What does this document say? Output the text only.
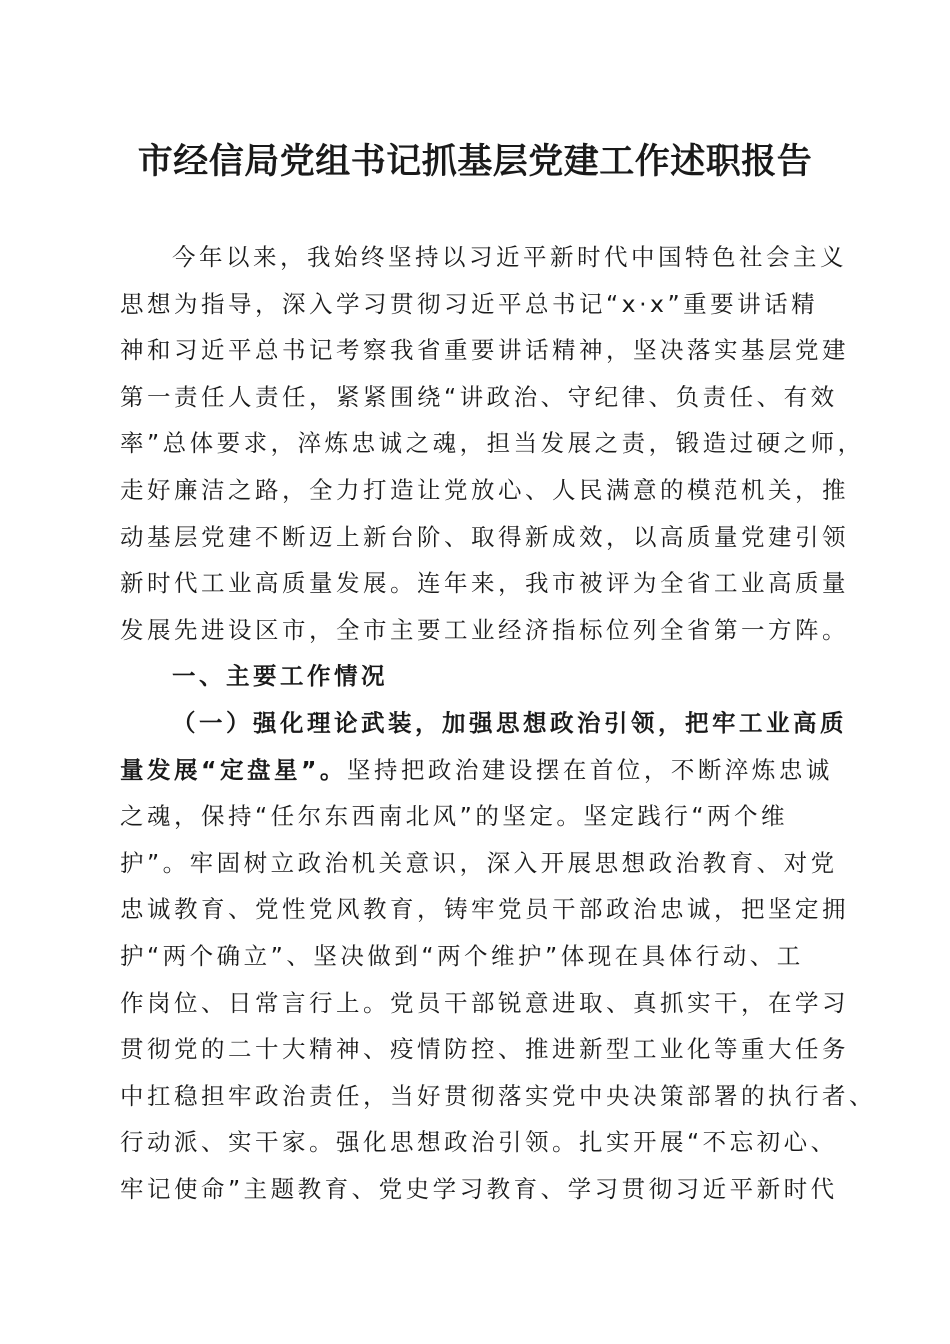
市经信局党组书记抓基层党建工作述职报告
今年以来，我始终坚持以习近平新时代中国特色社会主义
思想为指导，深入学习贯彻习近平总书记“x·x”重要讲话精
神和习近平总书记考察我省重要讲话精神，坚决落实基层党建
第一责任人责任，紧紧围绕“讲政治、守纪律、负责任、有效
率”总体要求，淬炼忠诚之魂，担当发展之责，锻造过硬之师，
走好廉洁之路，全力打造让党放心、人民满意的模范机关，推
动基层党建不断迈上新台阶、取得新成效，以高质量党建引领
新时代工业高质量发展。连年来，我市被评为全省工业高质量
发展先进设区市，全市主要工业经济指标位列全省第一方阵。
一、主要工作情况
（一）强化理论武装，加强思想政治引领，把牢工业高质
量发展“定盘星”。坚持把政治建设摆在首位，不断淬炼忠诚
之魂，保持“任尔东西南北风”的坚定。坚定践行“两个维
护”。牢固树立政治机关意识，深入开展思想政治教育、对党
忠诚教育、党性党风教育，铸牢党员干部政治忠诚，把坚定拥
护“两个确立”、坚决做到“两个维护”体现在具体行动、工
作岗位、日常言行上。党员干部锐意进取、真抓实干，在学习
贯彻党的二十大精神、疫情防控、推进新型工业化等重大任务
中扛稳担牢政治责任，当好贯彻落实党中央决策部署的执行者、
行动派、实干家。强化思想政治引领。扎实开展“不忘初心、
牢记使命”主题教育、党史学习教育、学习贯彻习近平新时代
